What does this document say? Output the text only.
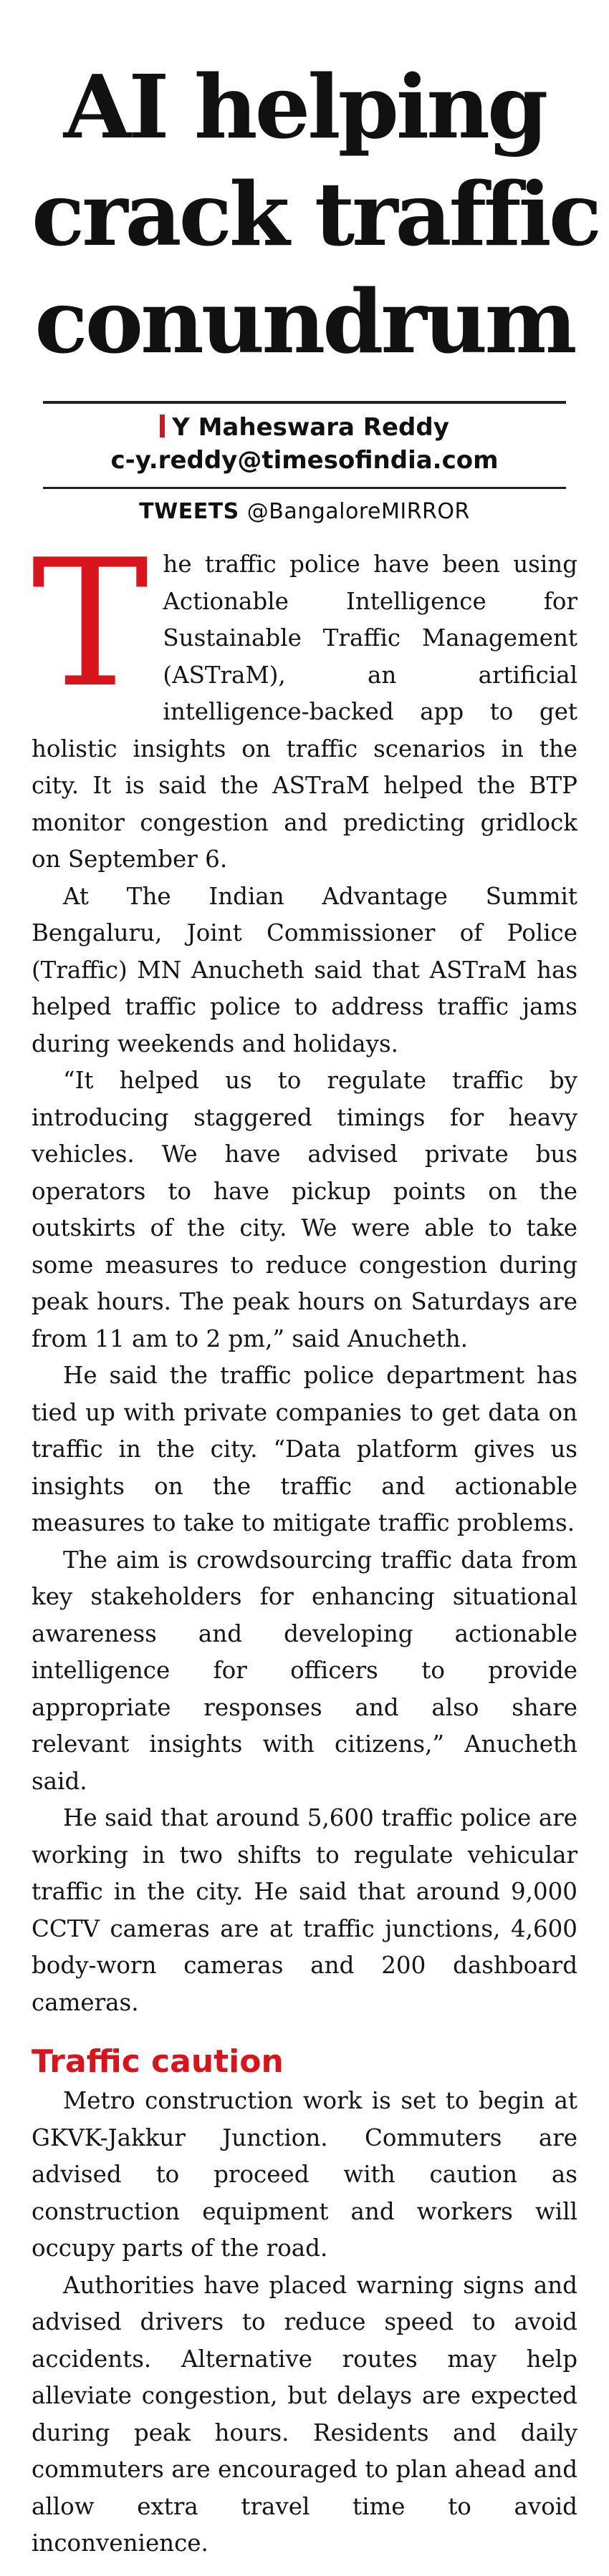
AI helping
crack traffic
conundrum
Y Maheswara Reddy
c-y.reddy@timesofindia.com
TWEETS @BangaloreMIRROR

The traffic police have been using Actionable Intelligence for Sustainable Traffic Management (ASTraM), an artificial intelligence-backed app to get holistic insights on traffic scenarios in the city. It is said the ASTraM helped the BTP monitor congestion and predicting gridlock on September 6.

At The Indian Advantage Summit Bengaluru, Joint Commissioner of Police (Traffic) MN Anucheth said that ASTraM has helped traffic police to address traffic jams during weekends and holidays.

“It helped us to regulate traffic by introducing staggered timings for heavy vehicles. We have advised private bus operators to have pickup points on the outskirts of the city. We were able to take some measures to reduce congestion during peak hours. The peak hours on Saturdays are from 11 am to 2 pm,” said Anucheth.

He said the traffic police department has tied up with private companies to get data on traffic in the city. “Data platform gives us insights on the traffic and actionable measures to take to mitigate traffic problems.

The aim is crowdsourcing traffic data from key stakeholders for enhancing situational awareness and developing actionable intelligence for officers to provide appropriate responses and also share relevant insights with citizens,” Anucheth said.

He said that around 5,600 traffic police are working in two shifts to regulate vehicular traffic in the city. He said that around 9,000 CCTV cameras are at traffic junctions, 4,600 body-worn cameras and 200 dashboard cameras.

Traffic caution

Metro construction work is set to begin at GKVK-Jakkur Junction. Commuters are advised to proceed with caution as construction equipment and workers will occupy parts of the road.

Authorities have placed warning signs and advised drivers to reduce speed to avoid accidents. Alternative routes may help alleviate congestion, but delays are expected during peak hours. Residents and daily commuters are encouraged to plan ahead and allow extra travel time to avoid inconvenience.
